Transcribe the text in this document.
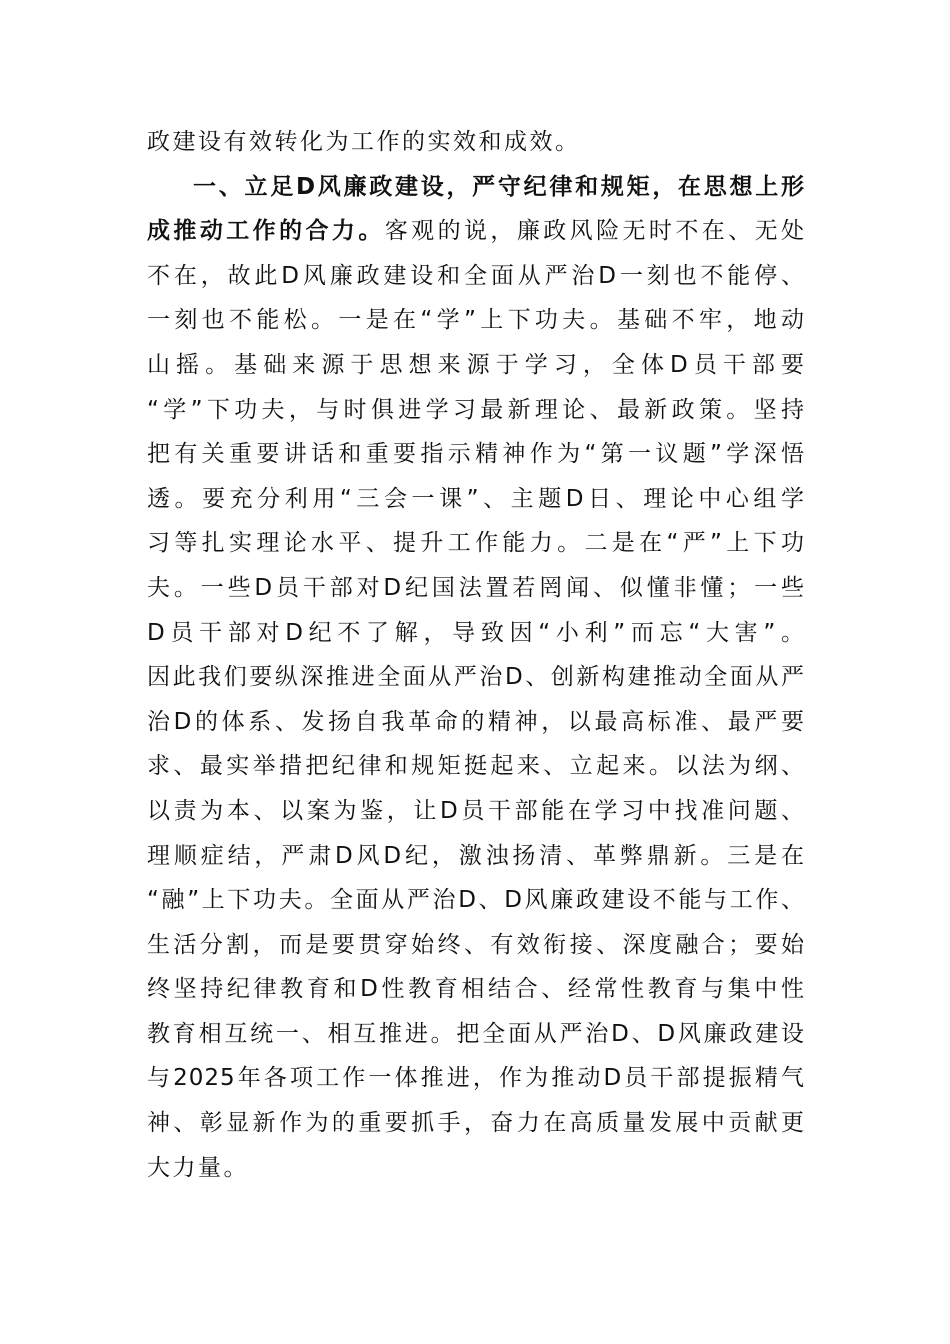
政建设有效转化为工作的实效和成效。
一、立足D风廉政建设，严守纪律和规矩，在思想上形
成推动工作的合力。客观的说，廉政风险无时不在、无处
不在，故此D风廉政建设和全面从严治D一刻也不能停、
一刻也不能松。一是在“学”上下功夫。基础不牢，地动
山摇。基础来源于思想来源于学习，全体D员干部要
“学”下功夫，与时俱进学习最新理论、最新政策。坚持
把有关重要讲话和重要指示精神作为“第一议题”学深悟
透。要充分利用“三会一课”、主题D日、理论中心组学
习等扎实理论水平、提升工作能力。二是在“严”上下功
夫。一些D员干部对D纪国法置若罔闻、似懂非懂；一些
D员干部对D纪不了解，导致因“小利”而忘“大害”。
因此我们要纵深推进全面从严治D、创新构建推动全面从严
治D的体系、发扬自我革命的精神，以最高标准、最严要
求、最实举措把纪律和规矩挺起来、立起来。以法为纲、
以责为本、以案为鉴，让D员干部能在学习中找准问题、
理顺症结，严肃D风D纪，激浊扬清、革弊鼎新。三是在
“融”上下功夫。全面从严治D、D风廉政建设不能与工作、
生活分割，而是要贯穿始终、有效衔接、深度融合；要始
终坚持纪律教育和D性教育相结合、经常性教育与集中性
教育相互统一、相互推进。把全面从严治D、D风廉政建设
与2025年各项工作一体推进，作为推动D员干部提振精气
神、彰显新作为的重要抓手，奋力在高质量发展中贡献更
大力量。
